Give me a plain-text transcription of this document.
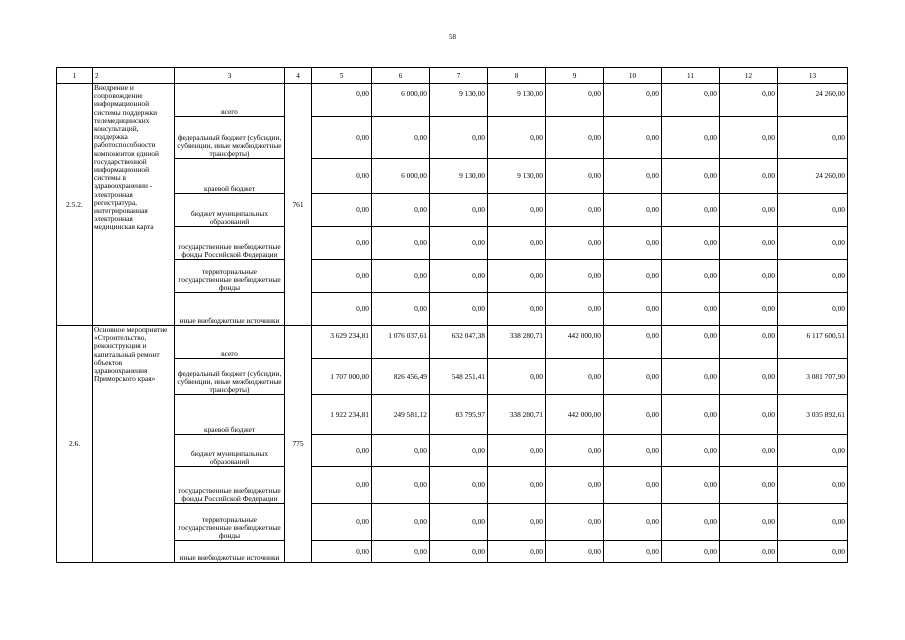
58
1	2	3	4	5	6	7	8	9	10	11	12	13
2.5.2.	Внедрение и сопровождение информационной системы поддержки телемедицинских консультаций, поддержка работоспособности компонентов единой государственной информационной системы в здравоохранении - электронная регистратура, интегрированная электронная медицинская карта	всего	761	0,00	6 000,00	9 130,00	9 130,00	0,00	0,00	0,00	0,00	24 260,00
		федеральный бюджет (субсидии, субвенции, иные межбюджетные трансферты)		0,00	0,00	0,00	0,00	0,00	0,00	0,00	0,00	0,00
		краевой бюджет		0,00	6 000,00	9 130,00	9 130,00	0,00	0,00	0,00	0,00	24 260,00
		бюджет муниципальных образований		0,00	0,00	0,00	0,00	0,00	0,00	0,00	0,00	0,00
		государственные внебюджетные фонды Российской Федерации		0,00	0,00	0,00	0,00	0,00	0,00	0,00	0,00	0,00
		территориальные государственные внебюджетные фонды		0,00	0,00	0,00	0,00	0,00	0,00	0,00	0,00	0,00
		иные внебюджетные источники		0,00	0,00	0,00	0,00	0,00	0,00	0,00	0,00	0,00
2.6.	Основное мероприятие «Строительство, реконструкция и капитальный ремонт объектов здравоохранения Приморского края»	всего	775	3 629 234,81	1 076 037,61	632 047,38	338 280,71	442 000,00	0,00	0,00	0,00	6 117 600,51
		федеральный бюджет (субсидии, субвенции, иные межбюджетные трансферты)		1 707 000,00	826 456,49	548 251,41	0,00	0,00	0,00	0,00	0,00	3 081 707,90
		краевой бюджет		1 922 234,81	249 581,12	83 795,97	338 280,71	442 000,00	0,00	0,00	0,00	3 035 892,61
		бюджет муниципальных образований		0,00	0,00	0,00	0,00	0,00	0,00	0,00	0,00	0,00
		государственные внебюджетные фонды Российской Федерации		0,00	0,00	0,00	0,00	0,00	0,00	0,00	0,00	0,00
		территориальные государственные внебюджетные фонды		0,00	0,00	0,00	0,00	0,00	0,00	0,00	0,00	0,00
		иные внебюджетные источники		0,00	0,00	0,00	0,00	0,00	0,00	0,00	0,00	0,00
